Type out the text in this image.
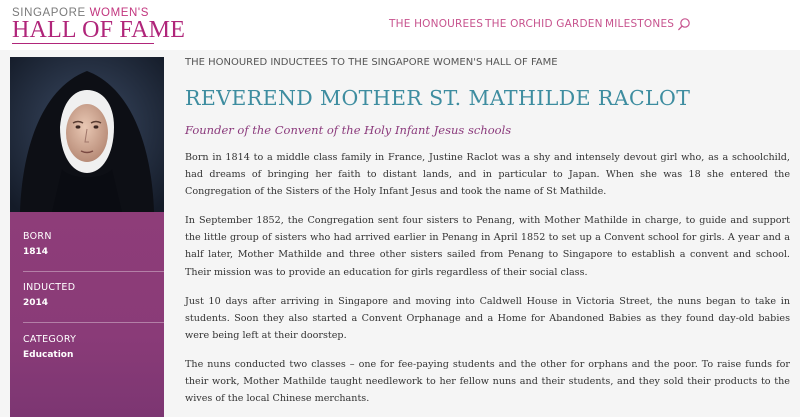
SINGAPORE WOMEN'S
HALL OF FAME	THE HONOUREES THE ORCHID GARDEN MILESTONES
BORN
1814
INDUCTED
2014
CATEGORY
Education
THE HONOURED INDUCTEES TO THE SINGAPORE WOMEN'S HALL OF FAME
REVEREND MOTHER ST. MATHILDE RACLOT
Founder of the Convent of the Holy Infant Jesus schools

Born in 1814 to a middle class family in France, Justine Raclot was a shy and intensely devout girl who, as a schoolchild, had dreams of bringing her faith to distant lands, and in particular to Japan. When she was 18 she entered the Congregation of the Sisters of the Holy Infant Jesus and took the name of St Mathilde.

In September 1852, the Congregation sent four sisters to Penang, with Mother Mathilde in charge, to guide and support the little group of sisters who had arrived earlier in Penang in April 1852 to set up a Convent school for girls. A year and a half later, Mother Mathilde and three other sisters sailed from Penang to Singapore to establish a convent and school. Their mission was to provide an education for girls regardless of their social class.

Just 10 days after arriving in Singapore and moving into Caldwell House in Victoria Street, the nuns began to take in students. Soon they also started a Convent Orphanage and a Home for Abandoned Babies as they found day-old babies were being left at their doorstep.

The nuns conducted two classes – one for fee-paying students and the other for orphans and the poor. To raise funds for their work, Mother Mathilde taught needlework to her fellow nuns and their students, and they sold their products to the wives of the local Chinese merchants.
